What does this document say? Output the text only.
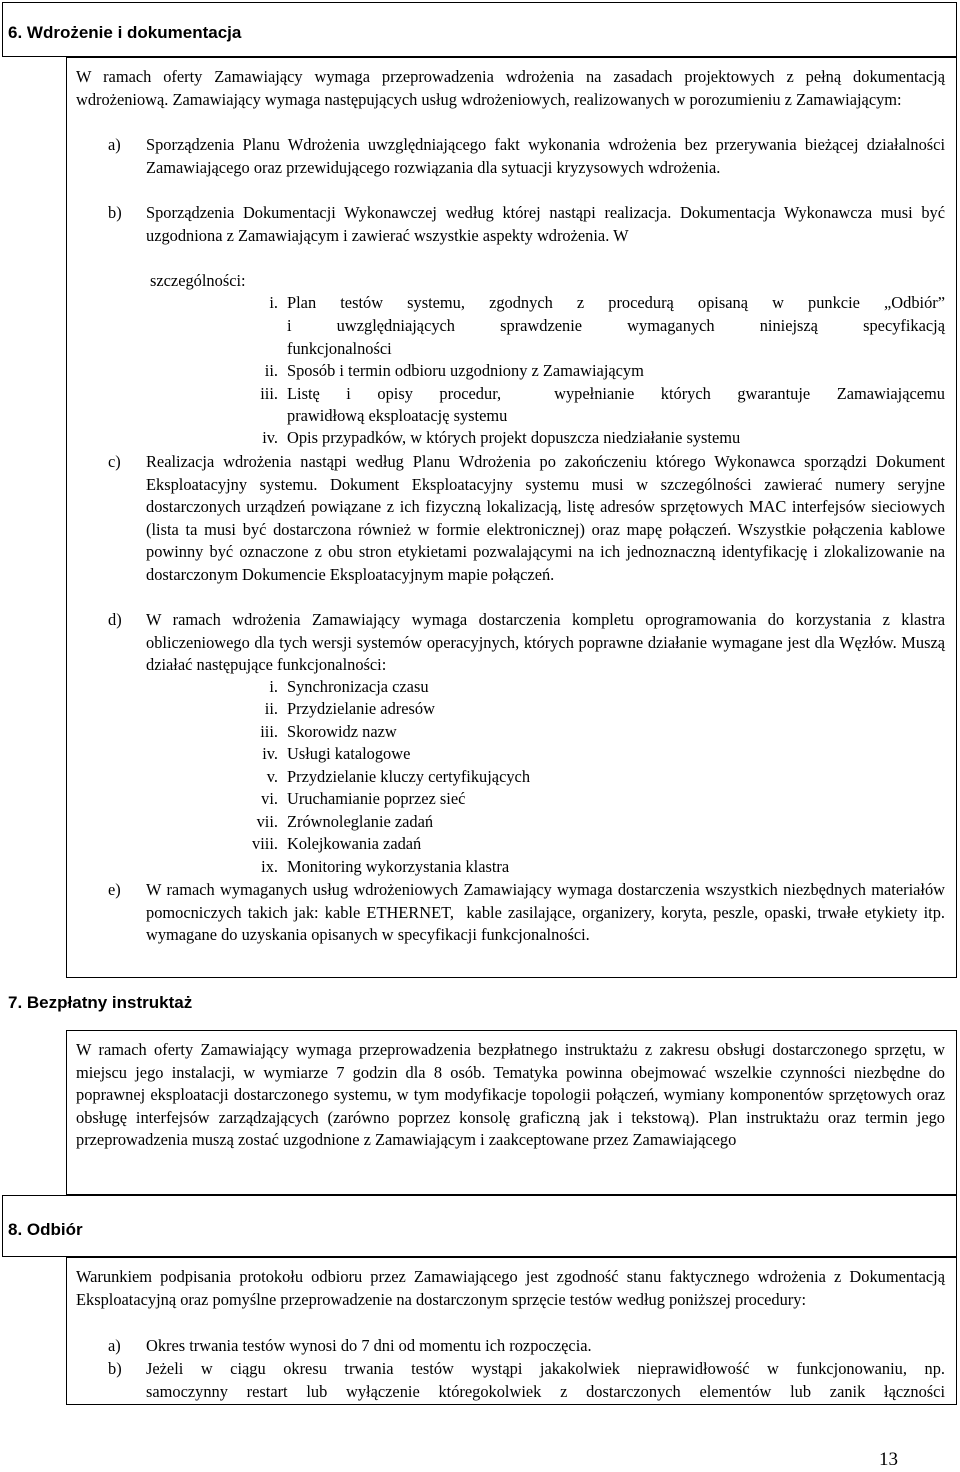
6. Wdrożenie i dokumentacja
W ramach oferty Zamawiający wymaga przeprowadzenia wdrożenia na zasadach projektowych z pełną dokumentacją wdrożeniową. Zamawiający wymaga następujących usług wdrożeniowych, realizowanych w porozumieniu z Zamawiającym:
a) Sporządzenia Planu Wdrożenia uwzględniającego fakt wykonania wdrożenia bez przerywania bieżącej działalności Zamawiającego oraz przewidującego rozwiązania dla sytuacji kryzysowych wdrożenia.
b) Sporządzenia Dokumentacji Wykonawczej według której nastąpi realizacja. Dokumentacja Wykonawcza musi być uzgodniona z Zamawiającym i zawierać wszystkie aspekty wdrożenia. W
szczególności:
i. Plan testów systemu, zgodnych z procedurą opisaną w punkcie „Odbiór”
i uwzględniających sprawdzenie wymaganych niniejszą specyfikacją
funkcjonalności
ii. Sposób i termin odbioru uzgodniony z Zamawiającym
iii. Listę i opisy procedur,  wypełnianie których gwarantuje Zamawiającemu
prawidłową eksploatację systemu
iv. Opis przypadków, w których projekt dopuszcza niedziałanie systemu
c) Realizacja wdrożenia nastąpi według Planu Wdrożenia po zakończeniu którego Wykonawca sporządzi Dokument Eksploatacyjny systemu. Dokument Eksploatacyjny systemu musi w szczególności zawierać numery seryjne dostarczonych urządzeń powiązane z ich fizyczną lokalizacją, listę adresów sprzętowych MAC interfejsów sieciowych (lista ta musi być dostarczona również w formie elektronicznej) oraz mapę połączeń. Wszystkie połączenia kablowe powinny być oznaczone z obu stron etykietami pozwalającymi na ich jednoznaczną identyfikację i zlokalizowanie na dostarczonym Dokumencie Eksploatacyjnym mapie połączeń.
d) W ramach wdrożenia Zamawiający wymaga dostarczenia kompletu oprogramowania do korzystania z klastra obliczeniowego dla tych wersji systemów operacyjnych, których poprawne działanie wymagane jest dla Węzłów. Muszą działać następujące funkcjonalności:
i. Synchronizacja czasu
ii. Przydzielanie adresów
iii. Skorowidz nazw
iv. Usługi katalogowe
v. Przydzielanie kluczy certyfikujących
vi. Uruchamianie poprzez sieć
vii. Zrównoleglanie zadań
viii. Kolejkowania zadań
ix. Monitoring wykorzystania klastra
e) W ramach wymaganych usług wdrożeniowych Zamawiający wymaga dostarczenia wszystkich niezbędnych materiałów pomocniczych takich jak: kable ETHERNET,  kable zasilające, organizery, koryta, peszle, opaski, trwałe etykiety itp. wymagane do uzyskania opisanych w specyfikacji funkcjonalności.
7. Bezpłatny instruktaż
W ramach oferty Zamawiający wymaga przeprowadzenia bezpłatnego instruktażu z zakresu obsługi dostarczonego sprzętu, w miejscu jego instalacji, w wymiarze 7 godzin dla 8 osób. Tematyka powinna obejmować wszelkie czynności niezbędne do poprawnej eksploatacji dostarczonego systemu, w tym modyfikacje topologii połączeń, wymiany komponentów sprzętowych oraz obsługę interfejsów zarządzających (zarówno poprzez konsolę graficzną jak i tekstową). Plan instruktażu oraz termin jego przeprowadzenia muszą zostać uzgodnione z Zamawiającym i zaakceptowane przez Zamawiającego
8. Odbiór
Warunkiem podpisania protokołu odbioru przez Zamawiającego jest zgodność stanu faktycznego wdrożenia z Dokumentacją Eksploatacyjną oraz pomyślne przeprowadzenie na dostarczonym sprzęcie testów według poniższej procedury:
a) Okres trwania testów wynosi do 7 dni od momentu ich rozpoczęcia.
b) Jeżeli w ciągu okresu trwania testów wystąpi jakakolwiek nieprawidłowość w funkcjonowaniu, np.
samoczynny restart lub wyłączenie któregokolwiek z dostarczonych elementów lub zanik łączności
13
